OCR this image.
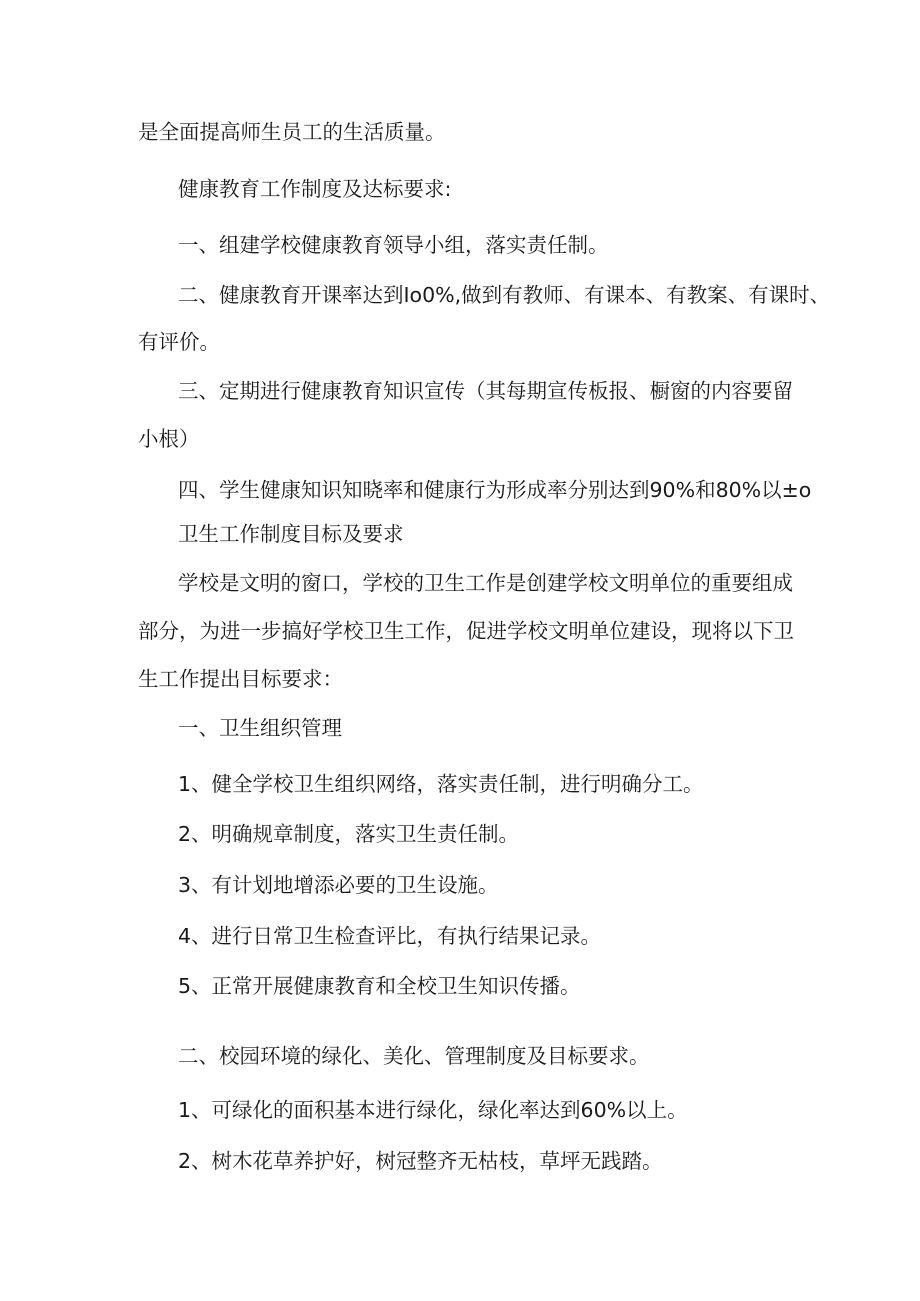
是全面提高师生员工的生活质量。
健康教育工作制度及达标要求:
一、组建学校健康教育领导小组，落实责任制。
二、健康教育开课率达到Io0%,做到有教师、有课本、有教案、有课时、
有评价。
三、定期进行健康教育知识宣传（其每期宣传板报、橱窗的内容要留
小根）
四、学生健康知识知晓率和健康行为形成率分别达到90%和80%以±o
卫生工作制度目标及要求
学校是文明的窗口，学校的卫生工作是创建学校文明单位的重要组成
部分，为进一步搞好学校卫生工作，促进学校文明单位建设，现将以下卫
生工作提出目标要求：
一、卫生组织管理
1、健全学校卫生组织网络，落实责任制，进行明确分工。
2、明确规章制度，落实卫生责任制。
3、有计划地增添必要的卫生设施。
4、进行日常卫生检查评比，有执行结果记录。
5、正常开展健康教育和全校卫生知识传播。
二、校园环境的绿化、美化、管理制度及目标要求。
1、可绿化的面积基本进行绿化，绿化率达到60%以上。
2、树木花草养护好，树冠整齐无枯枝，草坪无践踏。
